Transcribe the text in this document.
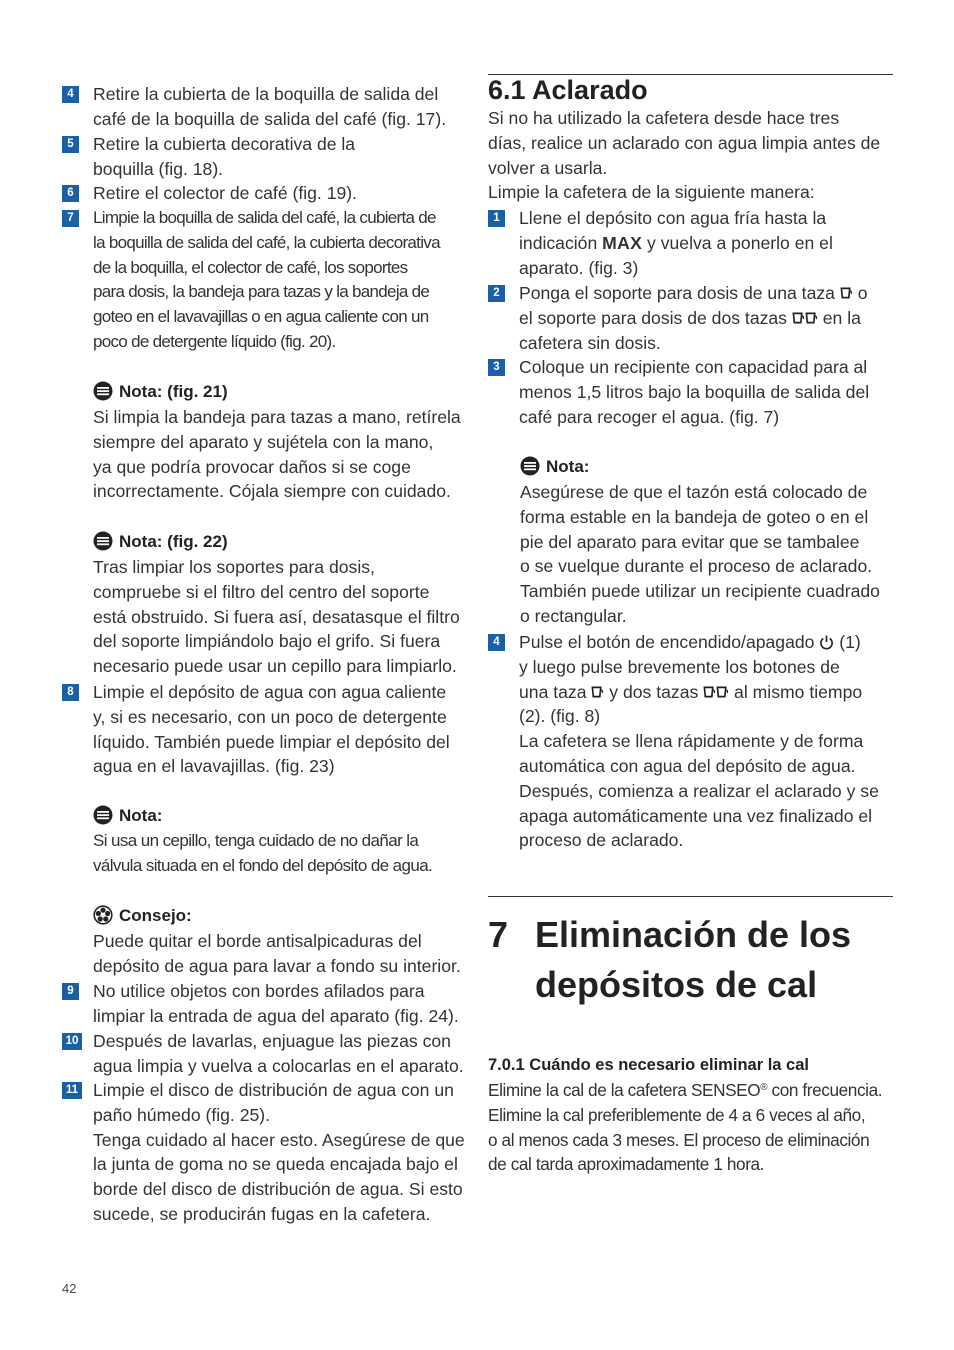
4	Retire la cubierta de la boquilla de salida del
café de la boquilla de salida del café (fig. 17).
5	Retire la cubierta decorativa de la
boquilla (fig. 18).
6	Retire el colector de café (fig. 19).
7	Limpie la boquilla de salida del café, la cubierta de
la boquilla de salida del café, la cubierta decorativa
de la boquilla, el colector de café, los soportes
para dosis, la bandeja para tazas y la bandeja de
goteo en el lavavajillas o en agua caliente con un
poco de detergente líquido (fig. 20).
Nota: (fig. 21)
Si limpia la bandeja para tazas a mano, retírela
siempre del aparato y sujétela con la mano,
ya que podría provocar daños si se coge
incorrectamente. Cójala siempre con cuidado.
Nota: (fig. 22)
Tras limpiar los soportes para dosis,
compruebe si el filtro del centro del soporte
está obstruido. Si fuera así, desatasque el filtro
del soporte limpiándolo bajo el grifo. Si fuera
necesario puede usar un cepillo para limpiarlo.
8	Limpie el depósito de agua con agua caliente
y, si es necesario, con un poco de detergente
líquido. También puede limpiar el depósito del
agua en el lavavajillas. (fig. 23)
Nota:
Si usa un cepillo, tenga cuidado de no dañar la
válvula situada en el fondo del depósito de agua.
Consejo:
Puede quitar el borde antisalpicaduras del
depósito de agua para lavar a fondo su interior.
9	No utilice objetos con bordes afilados para
limpiar la entrada de agua del aparato (fig. 24).
10 Después de lavarlas, enjuague las piezas con
agua limpia y vuelva a colocarlas en el aparato.
11 Limpie el disco de distribución de agua con un
paño húmedo (fig. 25).
Tenga cuidado al hacer esto. Asegúrese de que
la junta de goma no se queda encajada bajo el
borde del disco de distribución de agua. Si esto
sucede, se producirán fugas en la cafetera.
6.1 Aclarado
Si no ha utilizado la cafetera desde hace tres
días, realice un aclarado con agua limpia antes de
volver a usarla.
Limpie la cafetera de la siguiente manera:
1	Llene el depósito con agua fría hasta la
indicación MAX y vuelva a ponerlo en el
aparato. (fig. 3)
2	Ponga el soporte para dosis de una taza  o
el soporte para dosis de dos tazas  en la
cafetera sin dosis.
3	Coloque un recipiente con capacidad para al
menos 1,5 litros bajo la boquilla de salida del
café para recoger el agua. (fig. 7)
Nota:
Asegúrese de que el tazón está colocado de
forma estable en la bandeja de goteo o en el
pie del aparato para evitar que se tambalee
o se vuelque durante el proceso de aclarado.
También puede utilizar un recipiente cuadrado
o rectangular.
4	Pulse el botón de encendido/apagado  (1)
y luego pulse brevemente los botones de
una taza  y dos tazas  al mismo tiempo
(2). (fig. 8)
La cafetera se llena rápidamente y de forma
automática con agua del depósito de agua.
Después, comienza a realizar el aclarado y se
apaga automáticamente una vez finalizado el
proceso de aclarado.
7 Eliminación de los
depósitos de cal
7.0.1 Cuándo es necesario eliminar la cal
Elimine la cal de la cafetera SENSEO® con frecuencia.
Elimine la cal preferiblemente de 4 a 6 veces al año,
o al menos cada 3 meses. El proceso de eliminación
de cal tarda aproximadamente 1 hora.
42
